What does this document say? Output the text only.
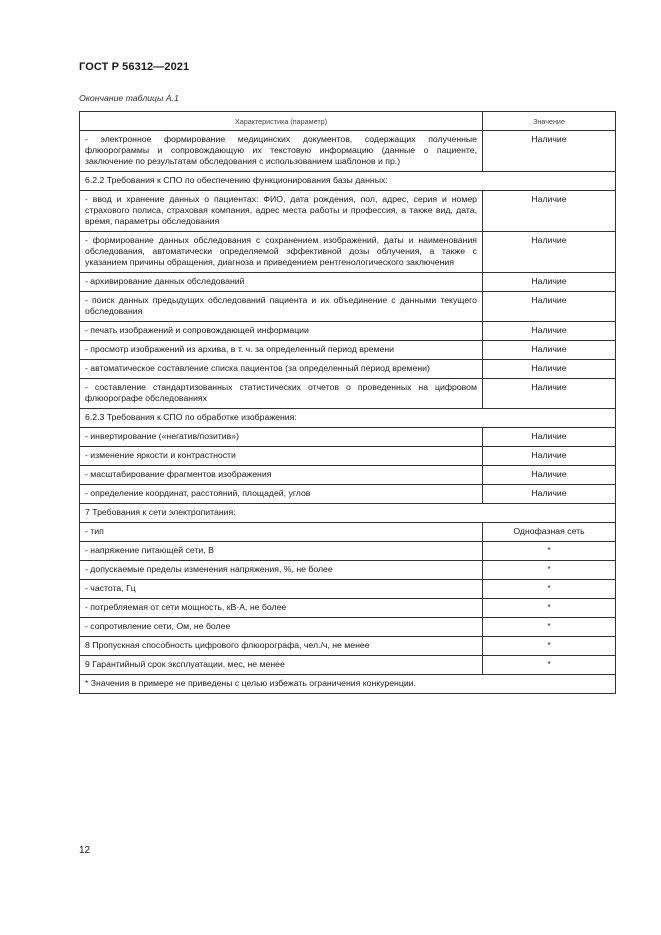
ГОСТ Р 56312—2021
Окончание таблицы А.1
Характеристика (параметр)	Значение
- электронное формирование медицинских документов, содержащих полученные флюорограммы и сопровождающую их текстовую информацию (данные о пациенте, заключение по результатам обследования с использованием шаблонов и пр.)	Наличие
6.2.2 Требования к СПО по обеспечению функционирования базы данных:	
- ввод и хранение данных о пациентах: ФИО, дата рождения, пол, адрес, серия и номер страхового полиса, страховая компания, адрес места работы и профессия, а также вид, дата, время, параметры обследования	Наличие
- формирование данных обследования с сохранением изображений, даты и наименования обследования, автоматически определяемой эффективной дозы облучения, а также с указанием причины обращения, диагноза и приведением рентгенологического заключения	Наличие
- архивирование данных обследований	Наличие
- поиск данных предыдущих обследований пациента и их объединение с данными текущего обследования	Наличие
- печать изображений и сопровождающей информации	Наличие
- просмотр изображений из архива, в т. ч. за определенный период времени	Наличие
- автоматическое составление списка пациентов (за определенный период времени)	Наличие
- составление стандартизованных статистических отчетов о проведенных на цифровом флюорографе обследованиях	Наличие
6.2.3 Требования к СПО по обработке изображения:	
- инвертирование («негатив/позитив»)	Наличие
- изменение яркости и контрастности	Наличие
- масштабирование фрагментов изображения	Наличие
- определение координат, расстояний, площадей, углов	Наличие
7 Требования к сети электропитания:	
- тип	Однофазная сеть
- напряжение питающей сети, В	*
- допускаемые пределы изменения напряжения, %, не более	*
- частота, Гц	*
- потребляемая от сети мощность, кВ·А, не более	*
- сопротивление сети, Ом, не более	*
8 Пропускная способность цифрового флюорографа, чел./ч, не менее	*
9 Гарантийный срок эксплуатации, мес, не менее	*
* Значения в примере не приведены с целью избежать ограничения конкуренции.	
12
